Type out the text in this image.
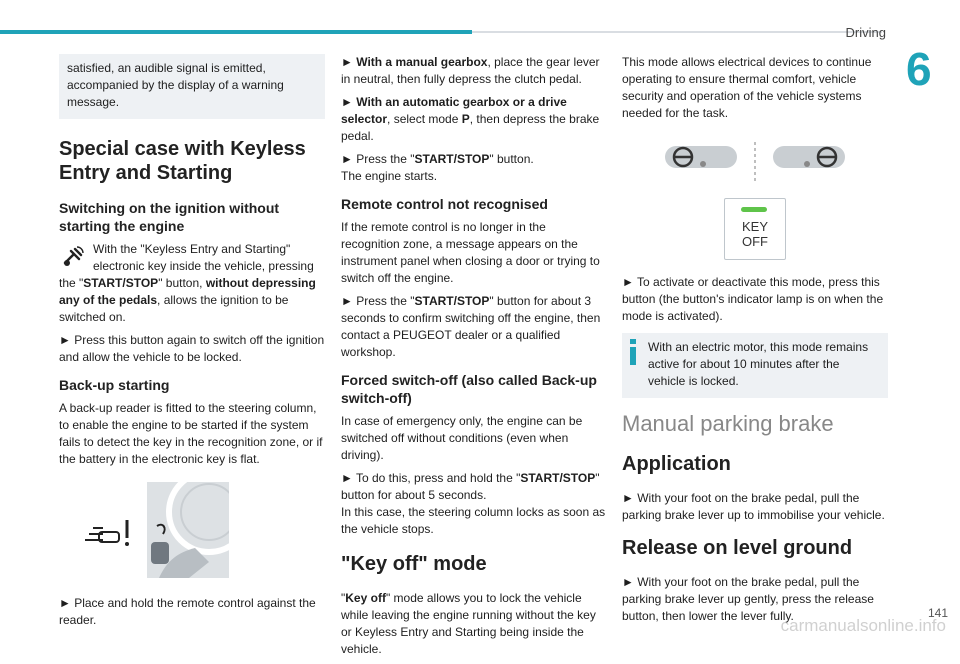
Driving
6

satisfied, an audible signal is emitted, accompanied by the display of a warning message.

Special case with Keyless Entry and Starting
Switching on the ignition without starting the engine

With the "Keyless Entry and Starting" electronic key inside the vehicle, pressing the "START/STOP" button, without depressing any of the pedals, allows the ignition to be switched on.

► Press this button again to switch off the ignition and allow the vehicle to be locked.

Back-up starting

A back-up reader is fitted to the steering column, to enable the engine to be started if the system fails to detect the key in the recognition zone, or if the battery in the electronic key is flat.

► Place and hold the remote control against the reader.

► With a manual gearbox, place the gear lever in neutral, then fully depress the clutch pedal.

► With an automatic gearbox or a drive selector, select mode P, then depress the brake pedal.

► Press the "START/STOP" button.
The engine starts.

Remote control not recognised

If the remote control is no longer in the recognition zone, a message appears on the instrument panel when closing a door or trying to switch off the engine.

► Press the "START/STOP" button for about 3 seconds to confirm switching off the engine, then contact a PEUGEOT dealer or a qualified workshop.

Forced switch-off (also called Back-up switch-off)

In case of emergency only, the engine can be switched off without conditions (even when driving).

► To do this, press and hold the "START/STOP" button for about 5 seconds.
In this case, the steering column locks as soon as the vehicle stops.

"Key off" mode

"Key off" mode allows you to lock the vehicle while leaving the engine running without the key or Keyless Entry and Starting being inside the vehicle.

This mode allows electrical devices to continue operating to ensure thermal comfort, vehicle security and operation of the vehicle systems needed for the task.

KEY
OFF

► To activate or deactivate this mode, press this button (the button's indicator lamp is on when the mode is activated).

With an electric motor, this mode remains active for about 10 minutes after the vehicle is locked.

Manual parking brake
Application

► With your foot on the brake pedal, pull the parking brake lever up to immobilise your vehicle.

Release on level ground

► With your foot on the brake pedal, pull the parking brake lever up gently, press the release button, then lower the lever fully.

carmanualsonline.info
141
